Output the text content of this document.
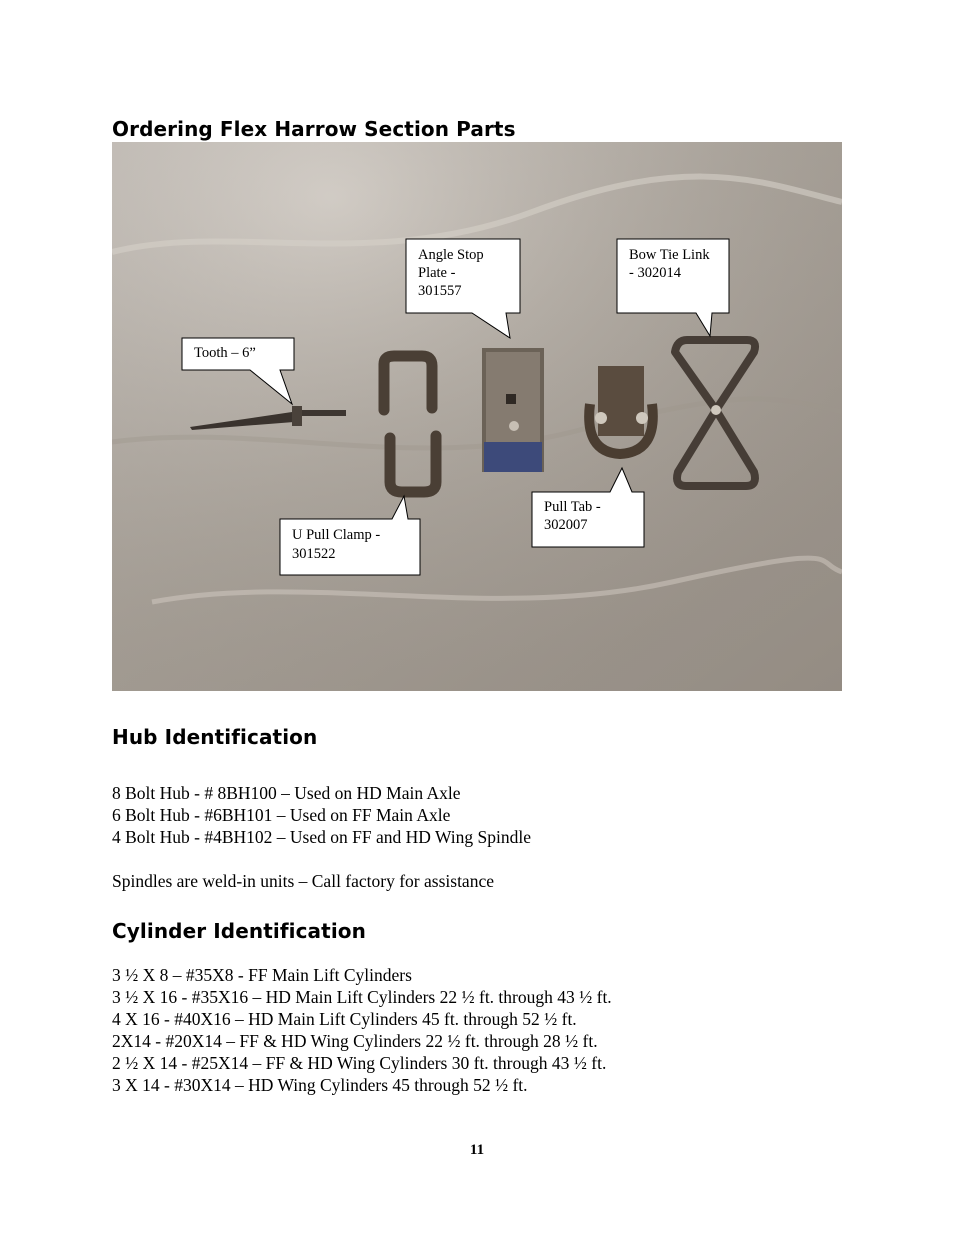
Ordering Flex Harrow Section Parts
Tooth – 6”
Angle Stop
Plate -
301557
Bow Tie Link
- 302014
Pull Tab -
302007
U Pull Clamp -
301522
Hub Identification
8 Bolt Hub - # 8BH100 – Used on HD Main Axle
6 Bolt Hub - #6BH101 – Used on FF Main Axle
4 Bolt Hub - #4BH102 – Used on FF and HD Wing Spindle
Spindles are weld-in units – Call factory for assistance
Cylinder Identification
3 ½ X 8 – #35X8 - FF Main Lift Cylinders
3 ½ X 16 - #35X16 – HD Main Lift Cylinders 22 ½ ft. through 43 ½ ft.
4 X 16 - #40X16 – HD Main Lift Cylinders 45 ft. through 52 ½ ft.
2X14 - #20X14 – FF & HD Wing Cylinders 22 ½ ft. through 28 ½ ft.
2 ½ X 14 - #25X14 – FF & HD Wing Cylinders 30 ft. through 43 ½ ft.
3 X 14 - #30X14 – HD Wing Cylinders 45 through 52 ½ ft.
11
